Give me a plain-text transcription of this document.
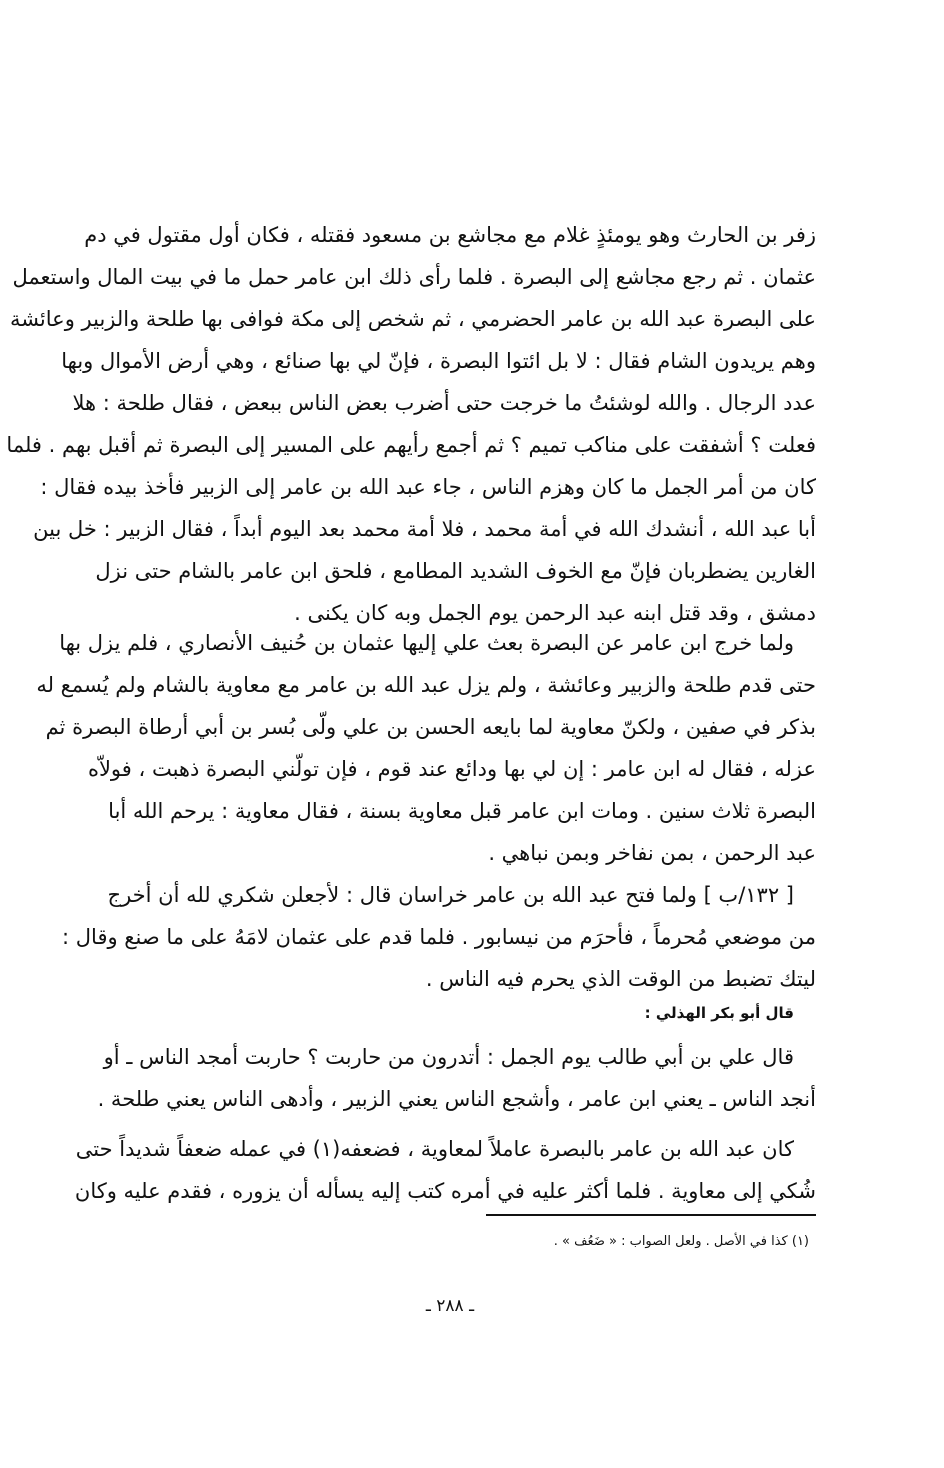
زفر بن الحارث وهو يومئذٍ غلام مع مجاشع بن مسعود فقتله ، فكان أول مقتول في دم
عثمان . ثم رجع مجاشع إلى البصرة . فلما رأى ذلك ابن عامر حمل ما في بيت المال واستعمل
على البصرة عبد الله بن عامر الحضرمي ، ثم شخص إلى مكة فوافى بها طلحة والزبير وعائشة
وهم يريدون الشام فقال : لا بل ائتوا البصرة ، فإنّ لي بها صنائع ، وهي أرض الأموال وبها
عدد الرجال . والله لوشئتُ ما خرجت حتى أضرب بعض الناس ببعض ، فقال طلحة : هلا
فعلت ؟ أشفقت على مناكب تميم ؟ ثم أجمع رأيهم على المسير إلى البصرة ثم أقبل بهم . فلما
كان من أمر الجمل ما كان وهزم الناس ، جاء عبد الله بن عامر إلى الزبير فأخذ بيده فقال :
أبا عبد الله ، أنشدك الله في أمة محمد ، فلا أمة محمد بعد اليوم أبداً ، فقال الزبير : خل بين
الغارين يضطربان فإنّ مع الخوف الشديد المطامع ، فلحق ابن عامر بالشام حتى نزل
دمشق ، وقد قتل ابنه عبد الرحمن يوم الجمل وبه كان يكنى .
ولما خرج ابن عامر عن البصرة بعث علي إليها عثمان بن حُنيف الأنصاري ، فلم يزل بها
حتى قدم طلحة والزبير وعائشة ، ولم يزل عبد الله بن عامر مع معاوية بالشام ولم يُسمع له
بذكر في صفين ، ولكنّ معاوية لما بايعه الحسن بن علي ولّى بُسر بن أبي أرطاة البصرة ثم
عزله ، فقال له ابن عامر : إن لي بها ودائع عند قوم ، فإن تولّني البصرة ذهبت ، فولاّه
البصرة ثلاث سنين . ومات ابن عامر قبل معاوية بسنة ، فقال معاوية : يرحم الله أبا
عبد الرحمن ، بمن نفاخر وبمن نباهي .
[ ١٣٢/ب ] ولما فتح عبد الله بن عامر خراسان قال : لأجعلن شكري لله أن أخرج
من موضعي مُحرماً ، فأحرَم من نيسابور . فلما قدم على عثمان لامَهُ على ما صنع وقال :
ليتك تضبط من الوقت الذي يحرم فيه الناس .
قال أبو بكر الهذلي :
قال علي بن أبي طالب يوم الجمل : أتدرون من حاربت ؟ حاربت أمجد الناس ـ أو
أنجد الناس ـ يعني ابن عامر ، وأشجع الناس يعني الزبير ، وأدهى الناس يعني طلحة .
كان عبد الله بن عامر بالبصرة عاملاً لمعاوية ، فضعفه(١) في عمله ضعفاً شديداً حتى
شُكي إلى معاوية . فلما أكثر عليه في أمره كتب إليه يسأله أن يزوره ، فقدم عليه وكان
(١) كذا في الأصل . ولعل الصواب : « ضَعُف » .
ـ ٢٨٨ ـ
